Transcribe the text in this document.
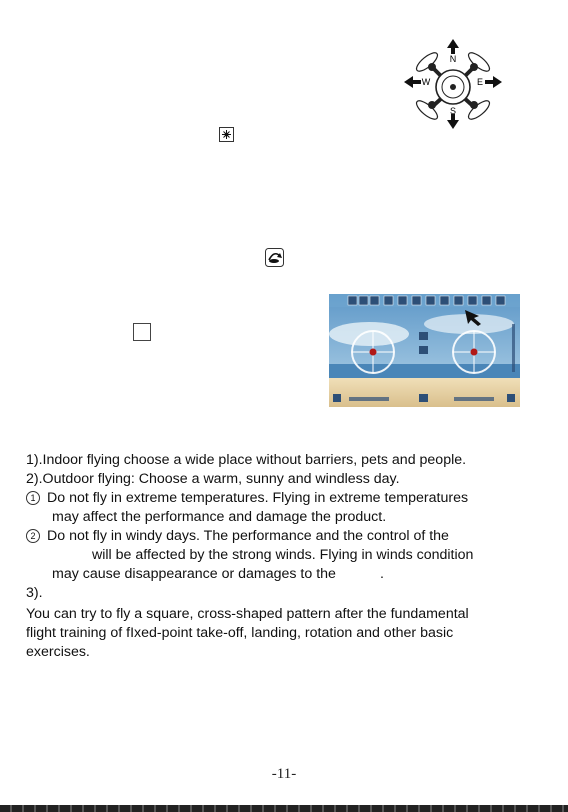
N
S
W	E
1).Indoor flying choose a wide place without barriers, pets and people.
2).Outdoor flying: Choose a warm, sunny and windless day.
1 Do not fly in extreme temperatures. Flying in extreme temperatures
may affect the performance and damage the product.
2 Do not fly in windy days. The performance and the control of the
will be affected by the strong winds. Flying in winds condition
may cause disappearance or damages to the	.
3).
You can try to fly a square, cross-shaped pattern after the fundamental
flight training of fIxed-point take-off, landing, rotation and other basic
exercises.
-11-
